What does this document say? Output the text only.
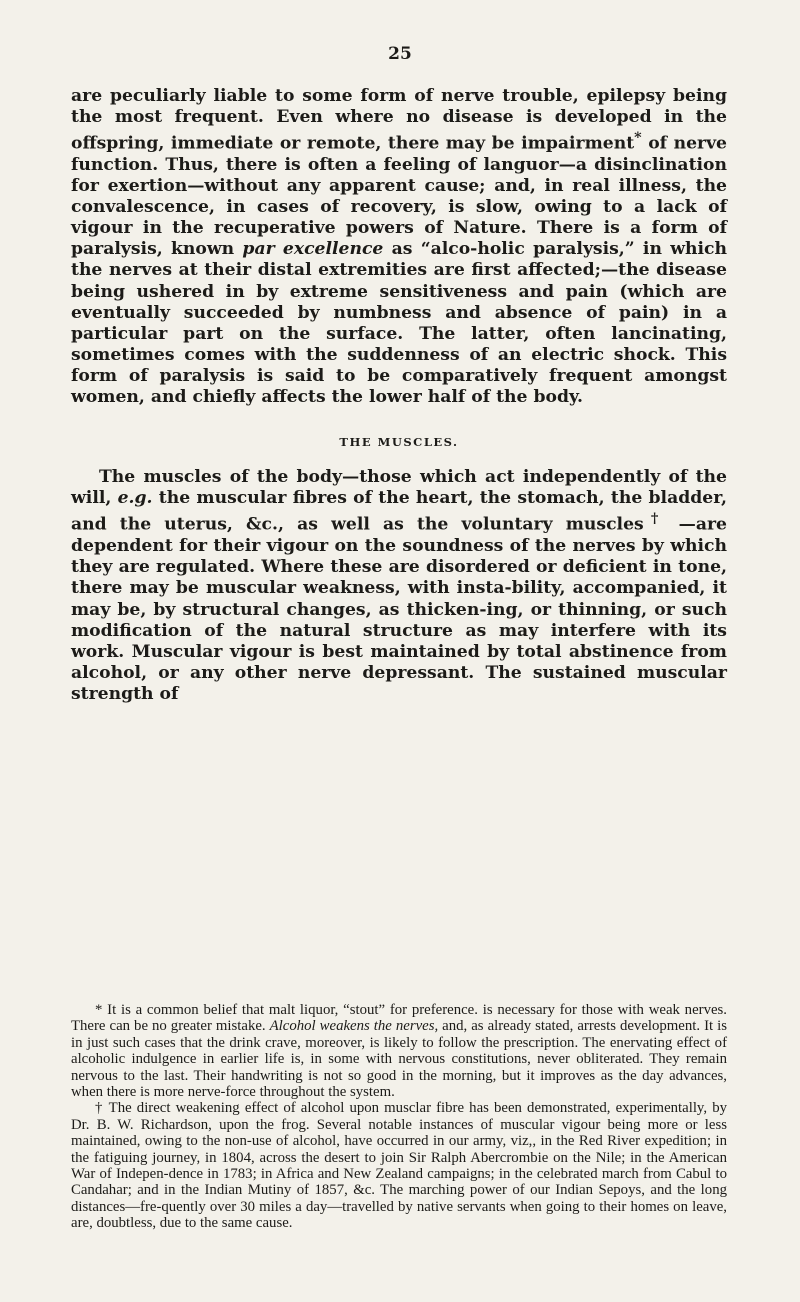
25

are peculiarly liable to some form of nerve trouble, epilepsy being the most frequent. Even where no disease is developed in the offspring, immediate or remote, there may be impairment* of nerve function. Thus, there is often a feeling of languor—a disinclination for exertion—without any apparent cause; and, in real illness, the convalescence, in cases of recovery, is slow, owing to a lack of vigour in the recuperative powers of Nature. There is a form of paralysis, known par excellence as “alco-holic paralysis,” in which the nerves at their distal extremities are first affected;—the disease being ushered in by extreme sensitiveness and pain (which are eventually succeeded by numbness and absence of pain) in a particular part on the surface. The latter, often lancinating, sometimes comes with the suddenness of an electric shock. This form of paralysis is said to be comparatively frequent amongst women, and chiefly affects the lower half of the body.

THE MUSCLES.

The muscles of the body—those which act independently of the will, e.g. the muscular fibres of the heart, the stomach, the bladder, and the uterus, &c., as well as the voluntary muscles† —are dependent for their vigour on the soundness of the nerves by which they are regulated. Where these are disordered or deficient in tone, there may be muscular weakness, with insta-bility, accompanied, it may be, by structural changes, as thicken-ing, or thinning, or such modification of the natural structure as may interfere with its work. Muscular vigour is best maintained by total abstinence from alcohol, or any other nerve depressant. The sustained muscular strength of

* It is a common belief that malt liquor, “stout” for preference. is necessary for those with weak nerves. There can be no greater mistake. Alcohol weakens the nerves, and, as already stated, arrests development. It is in just such cases that the drink crave, moreover, is likely to follow the prescription. The enervating effect of alcoholic indulgence in earlier life is, in some with nervous constitutions, never obliterated. They remain nervous to the last. Their handwriting is not so good in the morning, but it improves as the day advances, when there is more nerve-force throughout the system.

† The direct weakening effect of alcohol upon musclar fibre has been demonstrated, experimentally, by Dr. B. W. Richardson, upon the frog. Several notable instances of muscular vigour being more or less maintained, owing to the non-use of alcohol, have occurred in our army, viz,, in the Red River expedition; in the fatiguing journey, in 1804, across the desert to join Sir Ralph Abercrombie on the Nile; in the American War of Indepen-dence in 1783; in Africa and New Zealand campaigns; in the celebrated march from Cabul to Candahar; and in the Indian Mutiny of 1857, &c. The marching power of our Indian Sepoys, and the long distances—fre-quently over 30 miles a day—travelled by native servants when going to their homes on leave, are, doubtless, due to the same cause.
